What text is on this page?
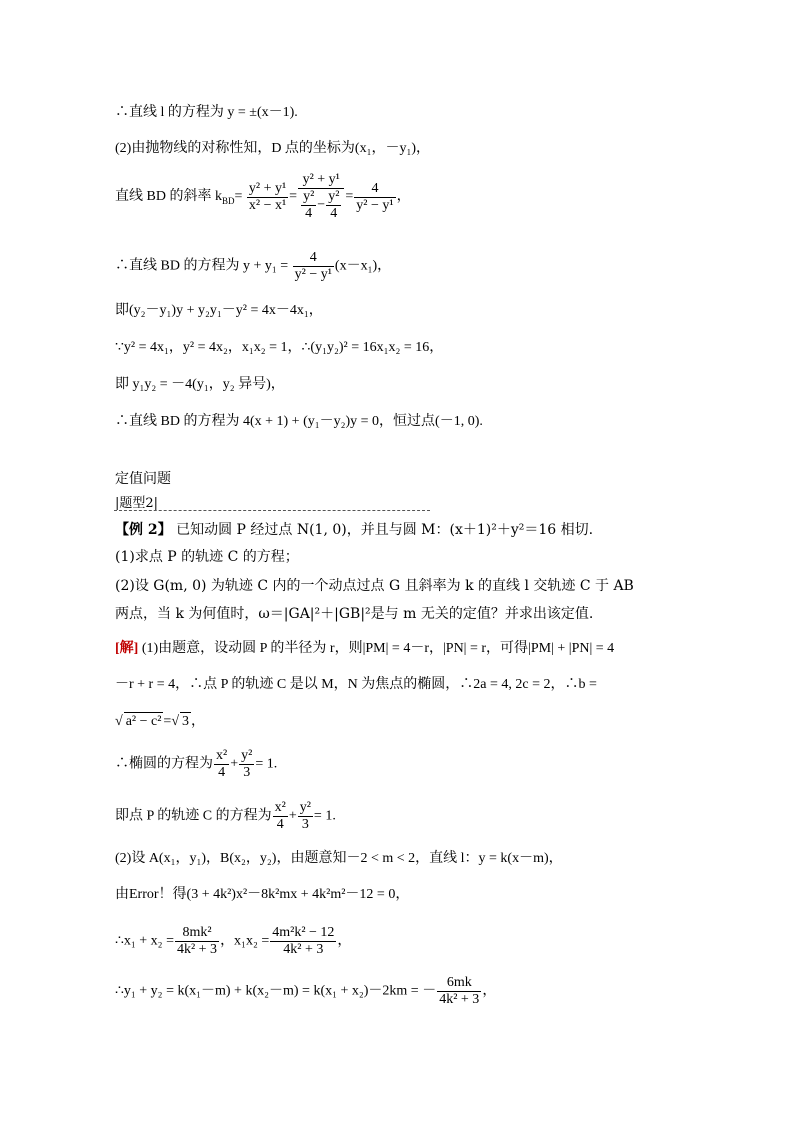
∴直线 l 的方程为 y = ±(x－1).
(2)由抛物线的对称性知，D 点的坐标为(x₁，－y₁)，
直线 BD 的斜率 $k_{BD}= \frac{\text{y² + y¹}}{\text{x² − x¹}} = \frac{\text{y² + y¹}}{\frac{\text{y²}}{4} - \frac{\text{y²}}{4}} = \frac{4}{\text{y² − y¹}}$ ，
∴直线 BD 的方程为 $y + y_1 = \frac{4}{\text{y² − y¹}} (x-x_1)$，
即(y₂－y₁)y + y₂y₁－y² = 4x－4x₁，
∵y² = 4x₁，y² = 4x₂，x₁x₂ = 1，∴(y₁y₂)² = 16x₁x₂ = 16，
即 y₁y₂ = －4(y₁，y₂ 异号)，
∴直线 BD 的方程为 4(x + 1) + (y₁－y₂)y = 0，恒过点(－1, 0).
定值问题
|题型2|
【例 2】 已知动圆 P 经过点 N(1, 0)，并且与圆 M：(x＋1)²＋y²＝16 相切.
(1)求点 P 的轨迹 C 的方程；
(2)设 G(m, 0) 为轨迹 C 内的一个动点过点 G 且斜率为 k 的直线 l 交轨迹 C 于 AB
两点，当 k 为何值时，ω＝|GA|²＋|GB|²是与 m 无关的定值？并求出该定值.
[解] (1)由题意，设动圆 P 的半径为 r，则|PM| = 4－r，|PN| = r，可得|PM| + |PN| = 4
－r + r = 4，∴点 P 的轨迹 C 是以 M，N 为焦点的椭圆，∴2a = 4, 2c = 2，∴b =
√ a² − c² =√ 3 ，
∴椭圆的方程为 $\frac{\text{x²}}{4} + \frac{\text{y²}}{3} = 1$.
即点 P 的轨迹 C 的方程为 $\frac{\text{x²}}{4} + \frac{\text{y²}}{3} = 1$.
(2)设 A(x₁，y₁)，B(x₂，y₂)，由题意知－2 < m < 2，直线 l：y = k(x－m)，
由Error！得(3 + 4k²)x²－8k²mx + 4k²m²－12 = 0，
∴x₁ + $x_2 = \frac{\text{8mk²}}{\text{4k² + 3}}$ ，$x_1x_2 = \frac{\text{4m²k² − 12}}{\text{4k² + 3}}$ ，
∴y₁ + y₂ = k(x₁－m) + k(x₂－m) = k(x₁ + x₂)－2km = － $\frac{6mk}{\text{4k² + 3}}$ ，
